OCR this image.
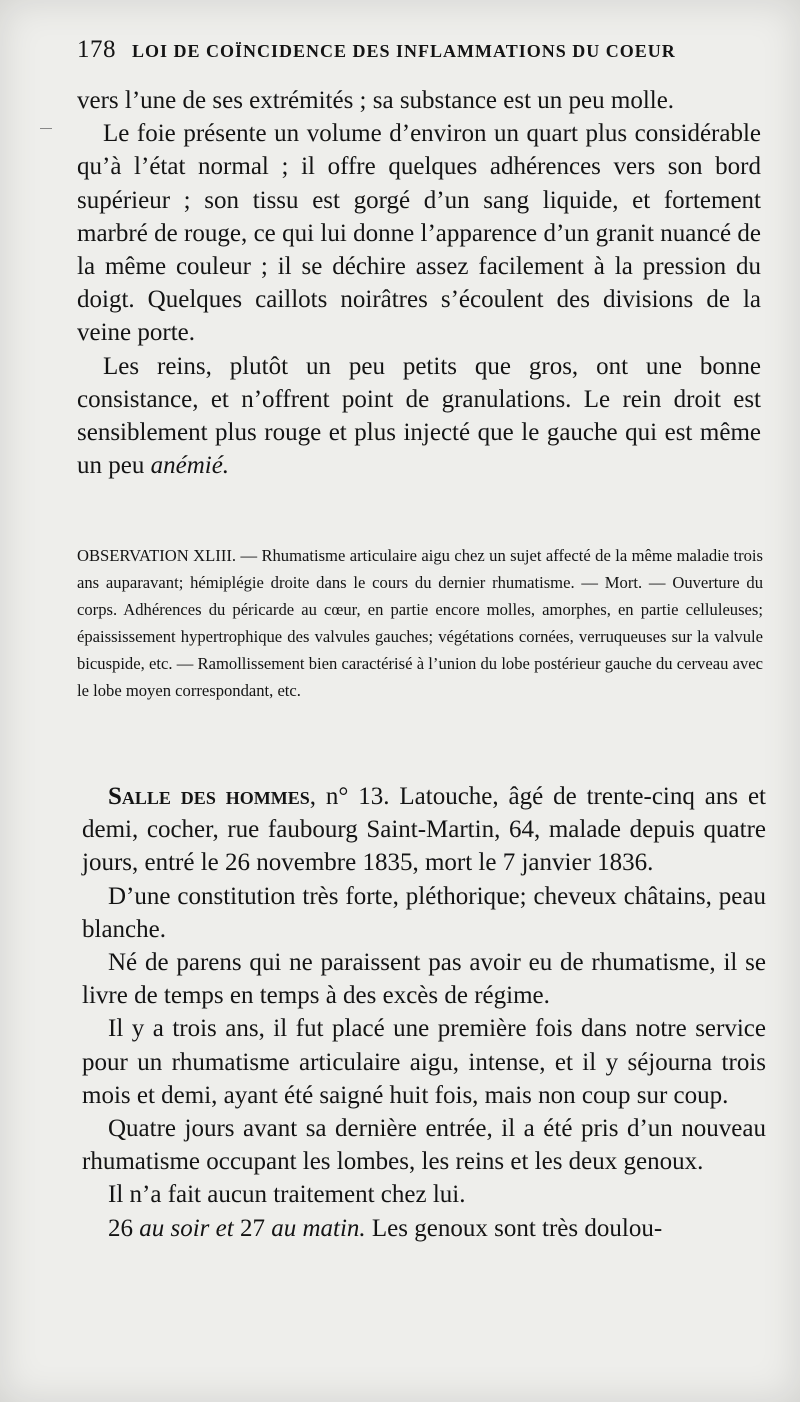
178 LOI DE COÏNCIDENCE DES INFLAMMATIONS DU COEUR

vers l’une de ses extrémités ; sa substance est un peu molle.

Le foie présente un volume d’environ un quart plus considérable qu’à l’état normal ; il offre quelques adhérences vers son bord supérieur ; son tissu est gorgé d’un sang liquide, et fortement marbré de rouge, ce qui lui donne l’apparence d’un granit nuancé de la même couleur ; il se déchire assez facilement à la pression du doigt. Quelques caillots noirâtres s’écoulent des divisions de la veine porte.

Les reins, plutôt un peu petits que gros, ont une bonne consistance, et n’offrent point de granulations. Le rein droit est sensiblement plus rouge et plus injecté que le gauche qui est même un peu anémié.

OBSERVATION XLIII. — Rhumatisme articulaire aigu chez un sujet affecté de la même maladie trois ans auparavant; hémiplégie droite dans le cours du dernier rhumatisme. — Mort. — Ouverture du corps. Adhérences du péricarde au cœur, en partie encore molles, amorphes, en partie celluleuses; épaississement hypertrophique des valvules gauches; végétations cornées, verruqueuses sur la valvule bicuspide, etc. — Ramollissement bien caractérisé à l’union du lobe postérieur gauche du cerveau avec le lobe moyen correspondant, etc.

Salle des hommes, n° 13. Latouche, âgé de trente-cinq ans et demi, cocher, rue faubourg Saint-Martin, 64, malade depuis quatre jours, entré le 26 novembre 1835, mort le 7 janvier 1836.

D’une constitution très forte, pléthorique; cheveux châtains, peau blanche.

Né de parens qui ne paraissent pas avoir eu de rhumatisme, il se livre de temps en temps à des excès de régime.

Il y a trois ans, il fut placé une première fois dans notre service pour un rhumatisme articulaire aigu, intense, et il y séjourna trois mois et demi, ayant été saigné huit fois, mais non coup sur coup.

Quatre jours avant sa dernière entrée, il a été pris d’un nouveau rhumatisme occupant les lombes, les reins et les deux genoux.

Il n’a fait aucun traitement chez lui.

26 au soir et 27 au matin. Les genoux sont très doulou-
